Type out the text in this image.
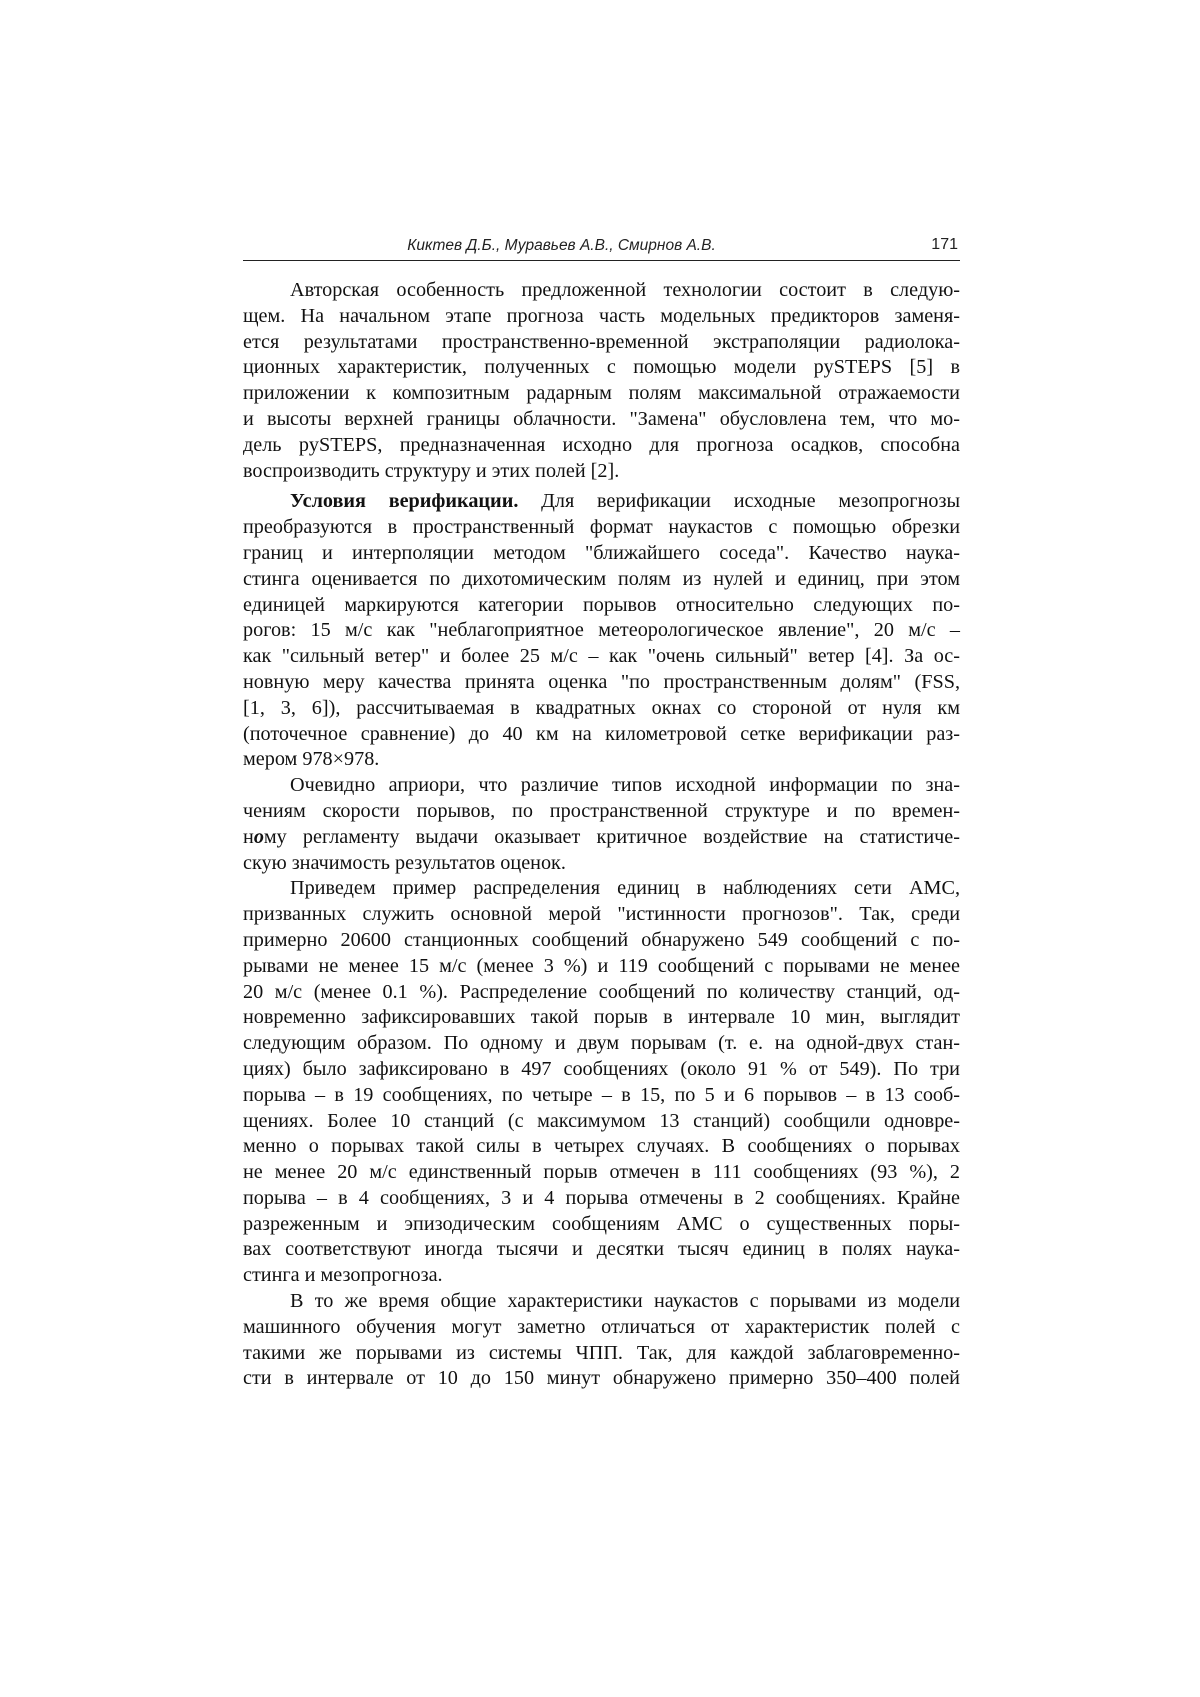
Киктев Д.Б., Муравьев А.В., Смирнов А.В.	171
Авторская особенность предложенной технологии состоит в следую-
щем. На начальном этапе прогноза часть модельных предикторов заменя-
ется результатами пространственно-временной экстраполяции радиолока-
ционных характеристик, полученных с помощью модели pySTEPS [5] в
приложении к композитным радарным полям максимальной отражаемости
и высоты верхней границы облачности. "Замена" обусловлена тем, что мо-
дель pySTEPS, предназначенная исходно для прогноза осадков, способна
воспроизводить структуру и этих полей [2].
Условия верификации. Для верификации исходные мезопрогнозы
преобразуются в пространственный формат наукастов с помощью обрезки
границ и интерполяции методом "ближайшего соседа". Качество наука-
стинга оценивается по дихотомическим полям из нулей и единиц, при этом
единицей маркируются категории порывов относительно следующих по-
рогов: 15 м/с как "неблагоприятное метеорологическое явление", 20 м/с –
как "сильный ветер" и более 25 м/с – как "очень сильный" ветер [4]. За ос-
новную меру качества принята оценка "по пространственным долям" (FSS,
[1, 3, 6]), рассчитываемая в квадратных окнах со стороной от нуля км
(поточечное сравнение) до 40 км на километровой сетке верификации раз-
мером 978×978.
Очевидно априори, что различие типов исходной информации по зна-
чениям скорости порывов, по пространственной структуре и по времен-
ному регламенту выдачи оказывает критичное воздействие на статистиче-
скую значимость результатов оценок.
Приведем пример распределения единиц в наблюдениях сети АМС,
призванных служить основной мерой "истинности прогнозов". Так, среди
примерно 20600 станционных сообщений обнаружено 549 сообщений с по-
рывами не менее 15 м/с (менее 3 %) и 119 сообщений с порывами не менее
20 м/с (менее 0.1 %). Распределение сообщений по количеству станций, од-
новременно зафиксировавших такой порыв в интервале 10 мин, выглядит
следующим образом. По одному и двум порывам (т. е. на одной-двух стан-
циях) было зафиксировано в 497 сообщениях (около 91 % от 549). По три
порыва – в 19 сообщениях, по четыре – в 15, по 5 и 6 порывов – в 13 сооб-
щениях. Более 10 станций (с максимумом 13 станций) сообщили одновре-
менно о порывах такой силы в четырех случаях. В сообщениях о порывах
не менее 20 м/с единственный порыв отмечен в 111 сообщениях (93 %), 2
порыва – в 4 сообщениях, 3 и 4 порыва отмечены в 2 сообщениях. Крайне
разреженным и эпизодическим сообщениям АМС о существенных поры-
вах соответствуют иногда тысячи и десятки тысяч единиц в полях наука-
стинга и мезопрогноза.
В то же время общие характеристики наукастов с порывами из модели
машинного обучения могут заметно отличаться от характеристик полей с
такими же порывами из системы ЧПП. Так, для каждой заблаговременно-
сти в интервале от 10 до 150 минут обнаружено примерно 350–400 полей
